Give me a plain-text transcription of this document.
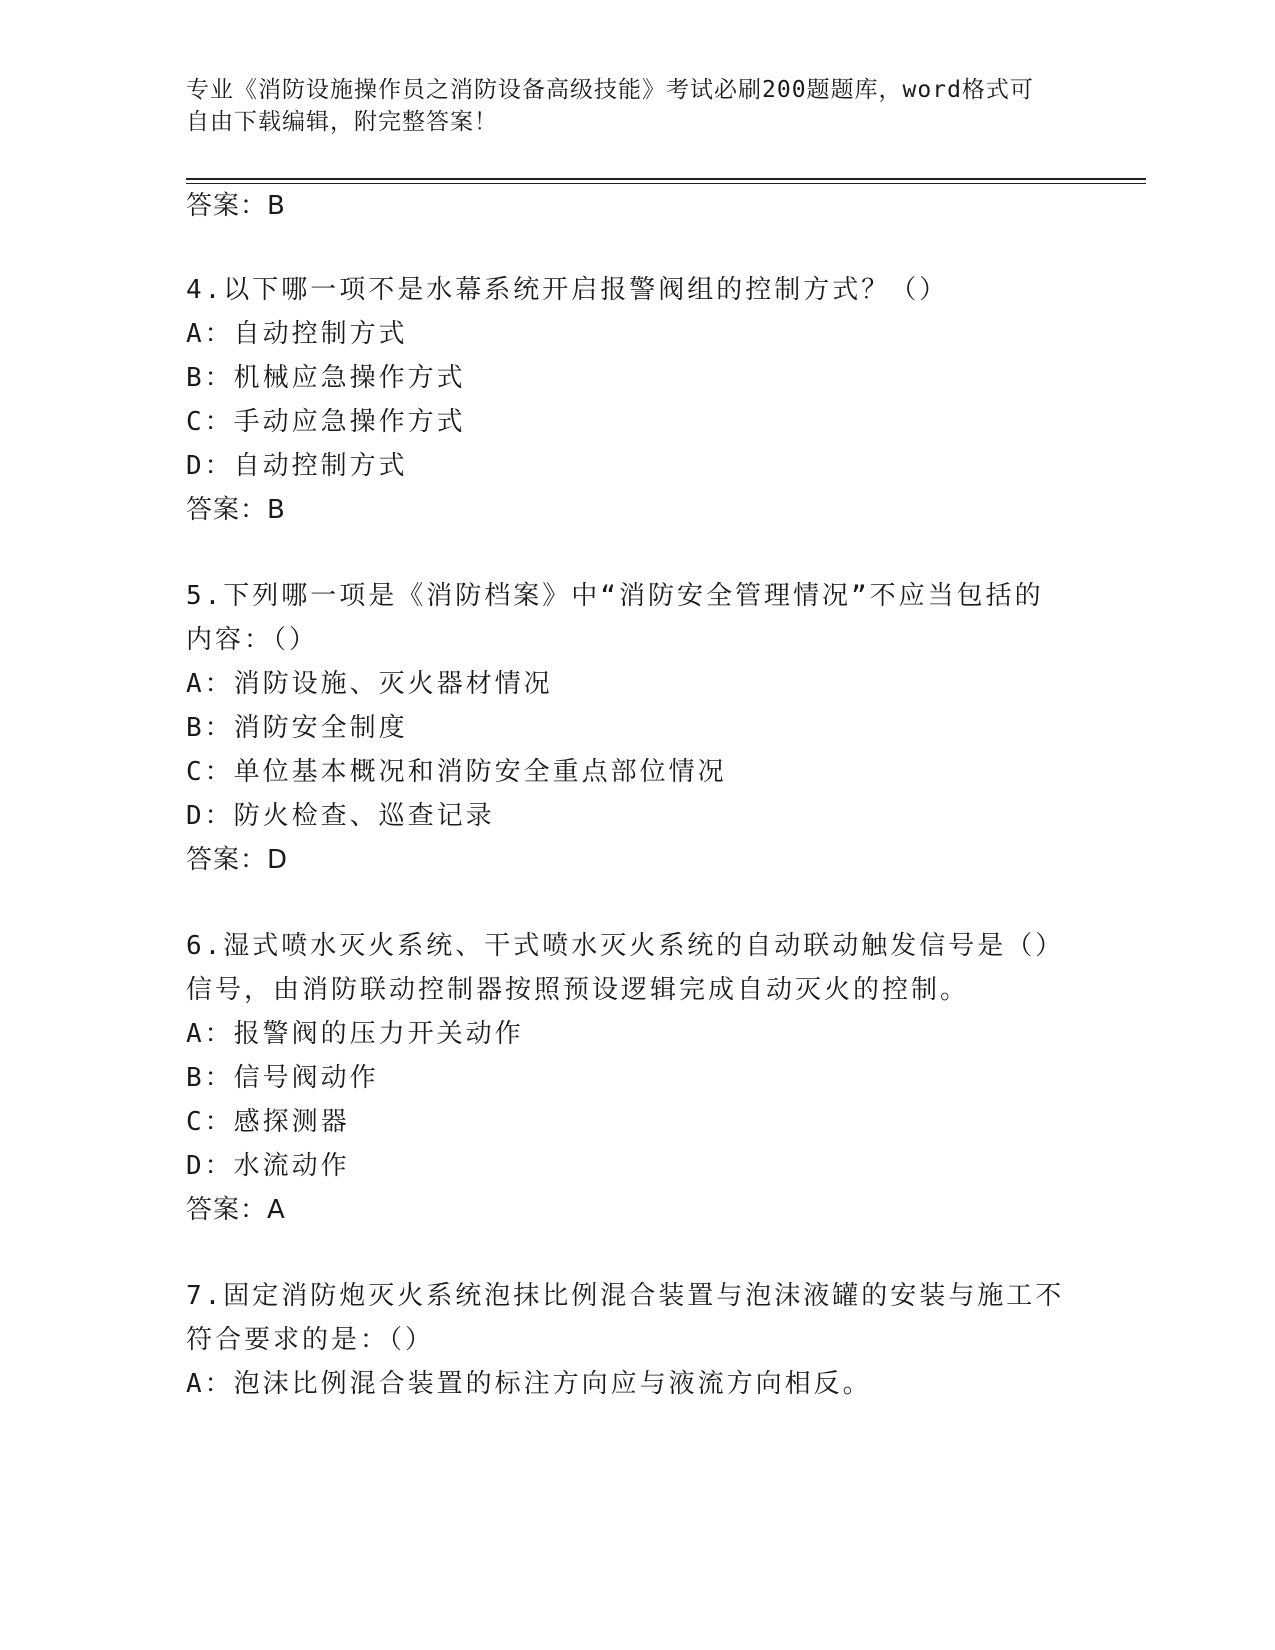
专业《消防设施操作员之消防设备高级技能》考试必刷200题题库，word格式可
自由下载编辑，附完整答案！
答案：B
4.以下哪一项不是水幕系统开启报警阀组的控制方式？（）
A：自动控制方式
B：机械应急操作方式
C：手动应急操作方式
D：自动控制方式
答案：B
5.下列哪一项是《消防档案》中“消防安全管理情况”不应当包括的
内容：（）
A：消防设施、灭火器材情况
B：消防安全制度
C：单位基本概况和消防安全重点部位情况
D：防火检查、巡查记录
答案：D
6.湿式喷水灭火系统、干式喷水灭火系统的自动联动触发信号是（）
信号，由消防联动控制器按照预设逻辑完成自动灭火的控制。
A：报警阀的压力开关动作
B：信号阀动作
C：感探测器
D：水流动作
答案：A
7.固定消防炮灭火系统泡抹比例混合装置与泡沫液罐的安装与施工不
符合要求的是：（）
A：泡沫比例混合装置的标注方向应与液流方向相反。
